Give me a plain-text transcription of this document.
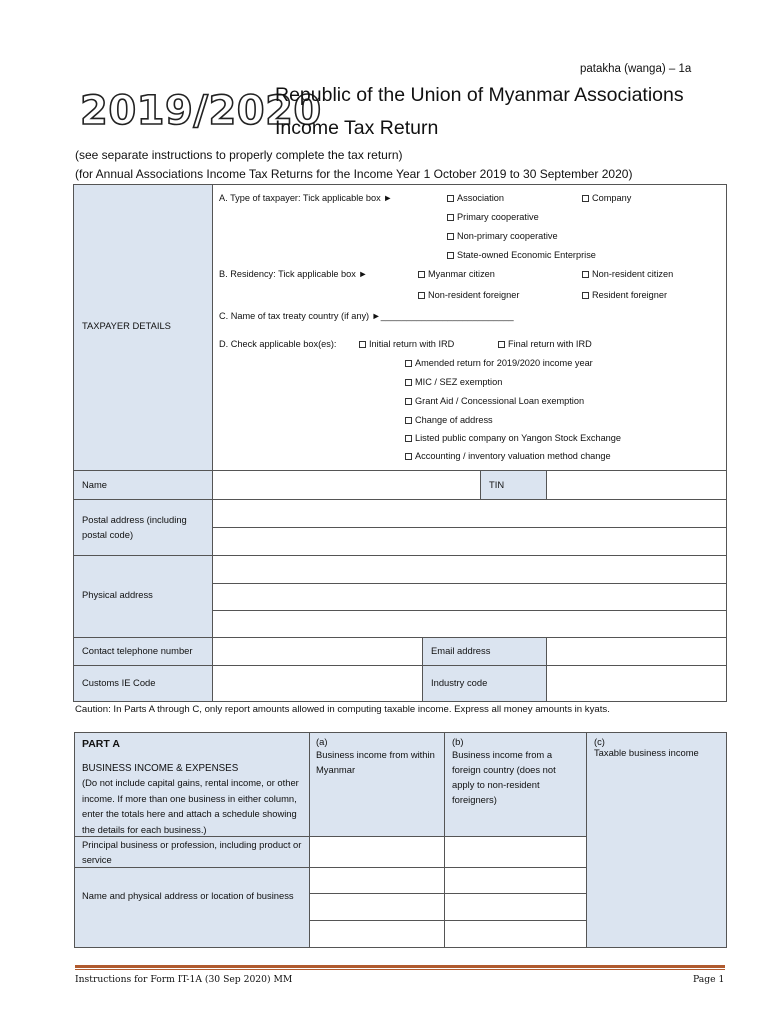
patakha (wanga) – 1a
2019/2020
Republic of the Union of Myanmar Associations
Income Tax Return
(see separate instructions to properly complete the tax return)
(for Annual Associations Income Tax Returns for the Income Year 1 October 2019 to 30 September 2020)
TAXPAYER DETAILS
A. Type of taxpayer: Tick applicable box ►	Association	Company
Primary cooperative
Non-primary cooperative
State-owned Economic Enterprise
B. Residency: Tick applicable box ►	Myanmar citizen	Non-resident citizen
Non-resident foreigner	Resident foreigner
C. Name of tax treaty country (if any) ►__________________________
D. Check applicable box(es):	Initial return with IRD	Final return with IRD
Amended return for 2019/2020 income year
MIC / SEZ exemption
Grant Aid / Concessional Loan exemption
Change of address
Listed public company on Yangon Stock Exchange
Accounting / inventory valuation method change
Name	TIN
Postal address (including postal code)
Physical address
Contact telephone number	Email address
Customs IE Code	Industry code
Caution: In Parts A through C, only report amounts allowed in computing taxable income. Express all money amounts in kyats.
PART A
BUSINESS INCOME & EXPENSES
(Do not include capital gains, rental income, or other income. If more than one business in either column, enter the totals here and attach a schedule showing the details for each business.)
(a)
Business income from within Myanmar
(b)
Business income from a foreign country (does not apply to non-resident foreigners)
(c)
Taxable business income
Principal business or profession, including product or service
Name and physical address or location of business
Instructions for Form IT-1A (30 Sep 2020) MM	Page 1
